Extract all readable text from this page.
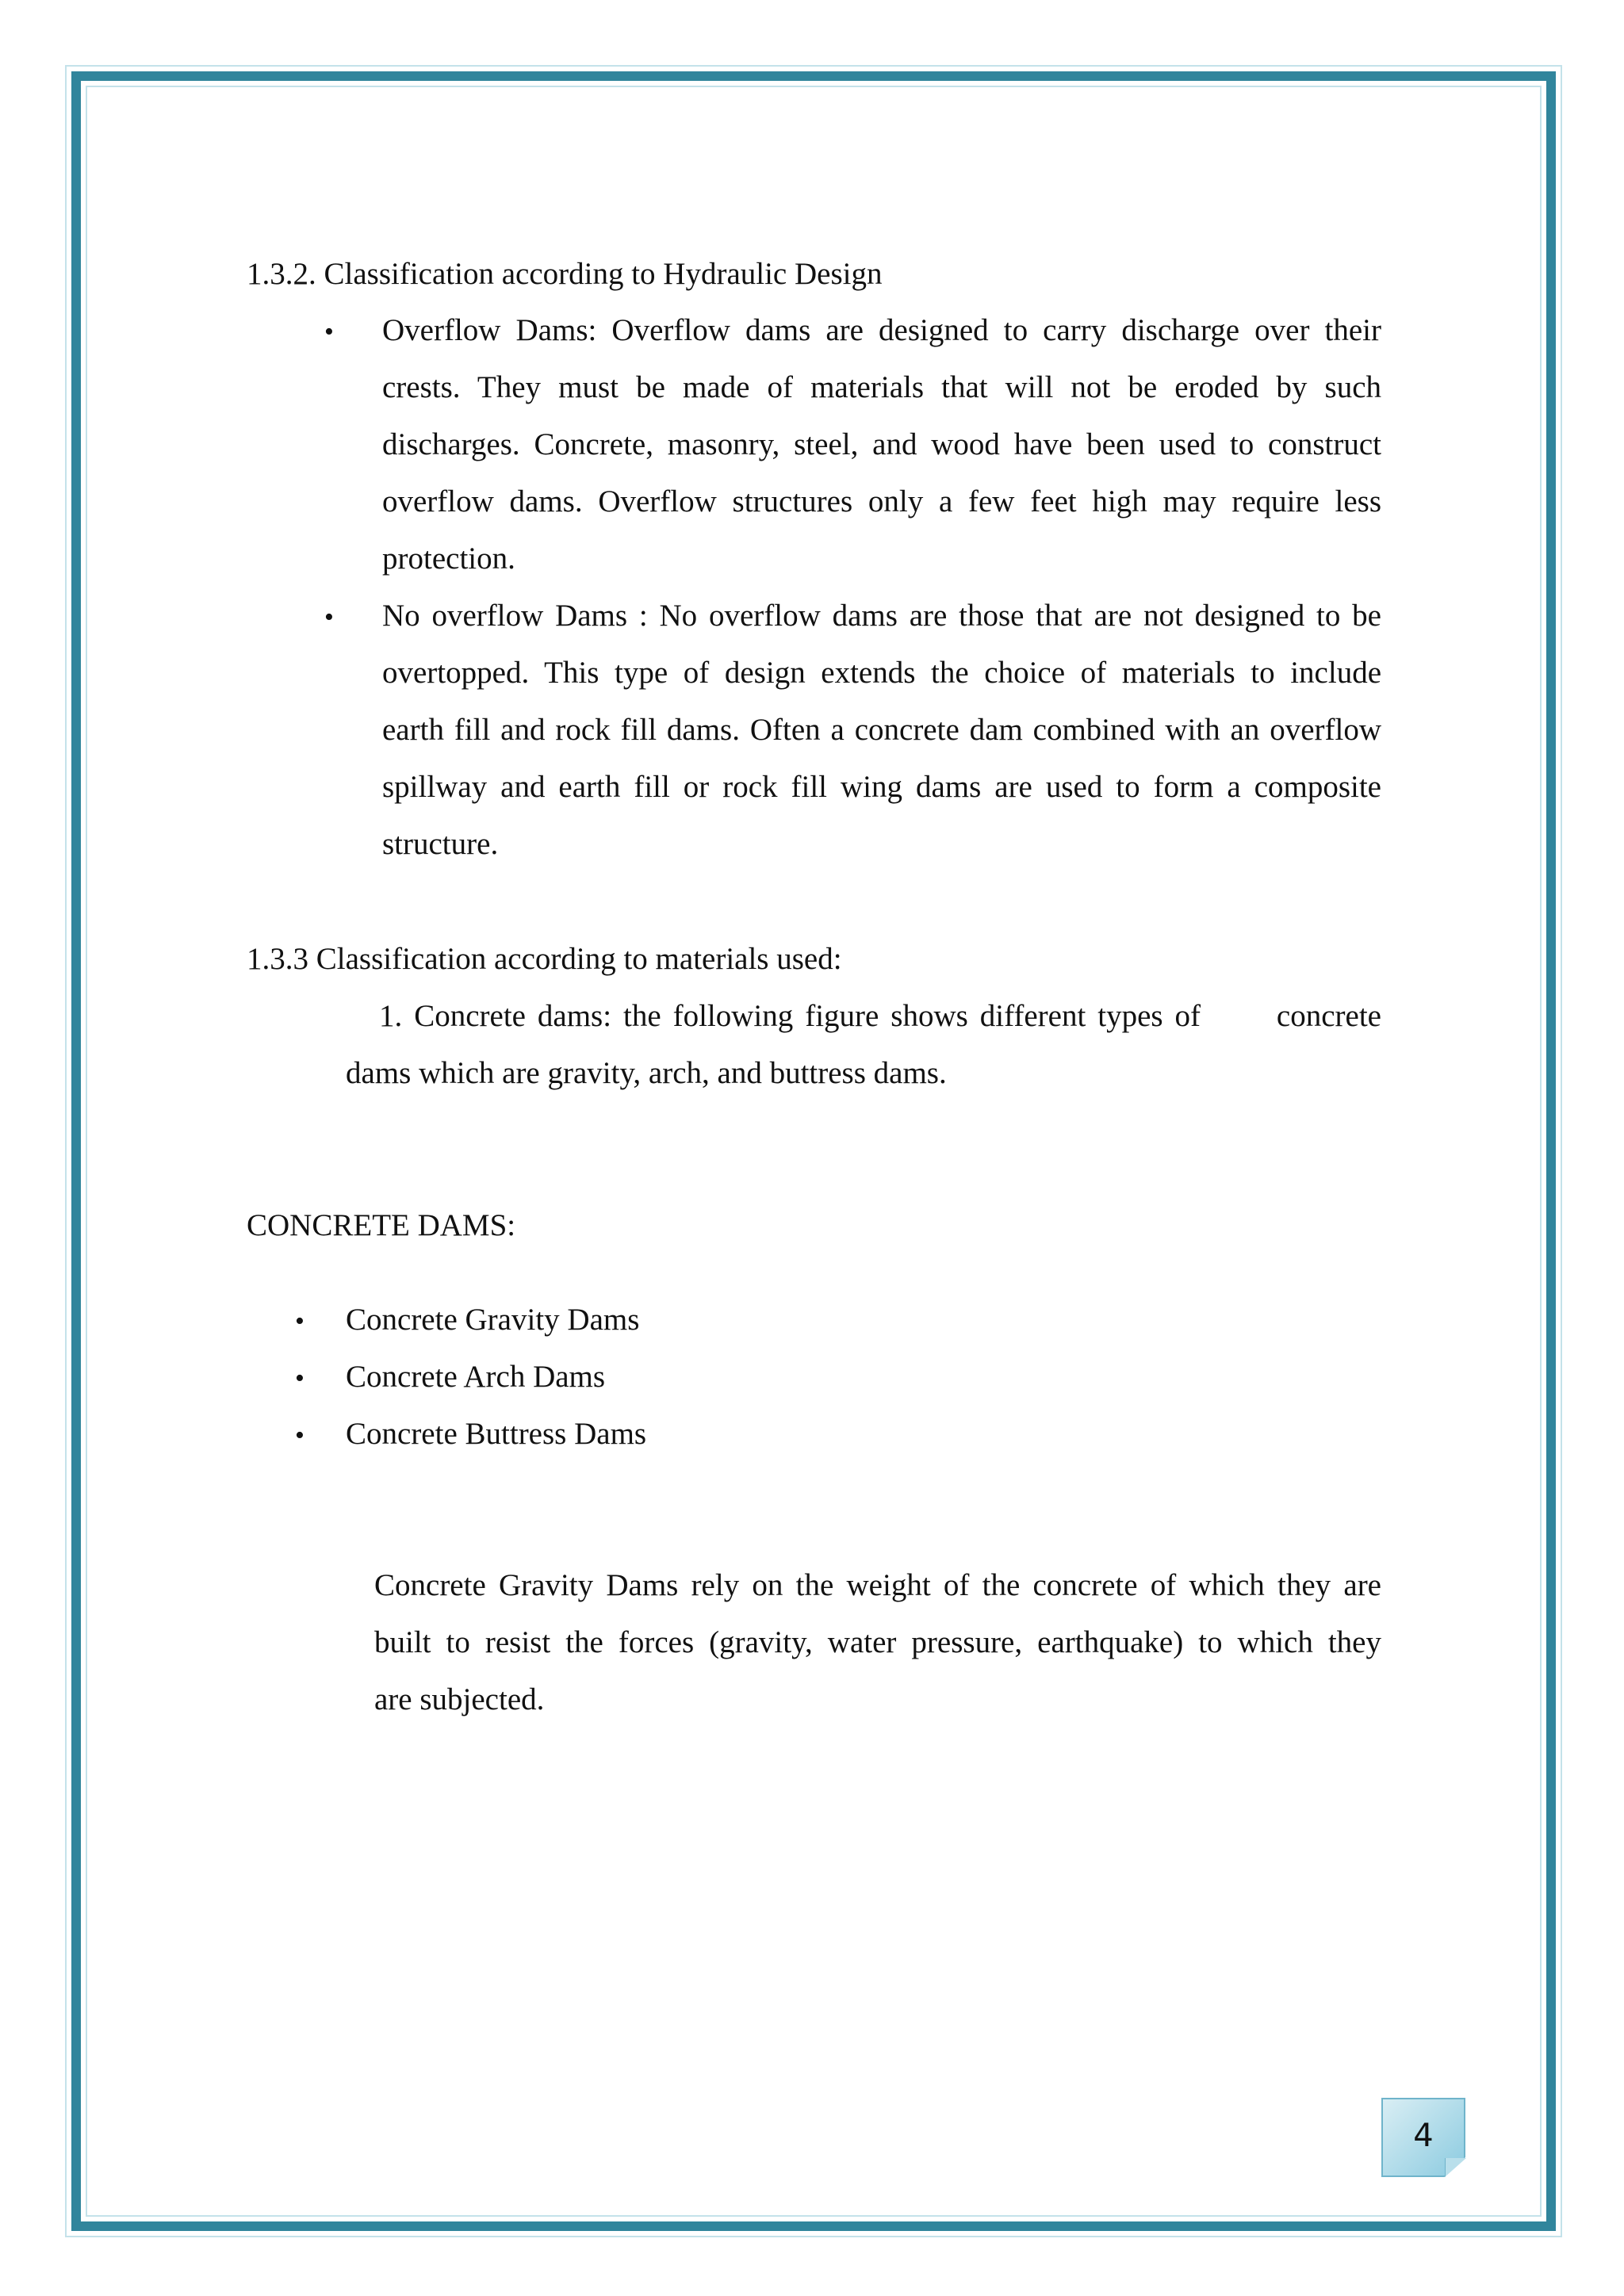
1.3.2. Classification according to Hydraulic Design
• Overflow Dams: Overflow dams are designed to carry discharge over their
crests. They must be made of materials that will not be eroded by such
discharges. Concrete, masonry, steel, and wood have been used to construct
overflow dams. Overflow structures only a few feet high may require less
protection.
• No overflow Dams : No overflow dams are those that are not designed to be
overtopped. This type of design extends the choice of materials to include
earth fill and rock fill dams. Often a concrete dam combined with an overflow
spillway and earth fill or rock fill wing dams are used to form a composite
structure.
1.3.3 Classification according to materials used:
1. Concrete dams: the following figure shows different types of concrete
dams which are gravity, arch, and buttress dams.
CONCRETE DAMS:
• Concrete Gravity Dams
• Concrete Arch Dams
• Concrete Buttress Dams
Concrete Gravity Dams rely on the weight of the concrete of which they are
built to resist the forces (gravity, water pressure, earthquake) to which they
are subjected.
4
